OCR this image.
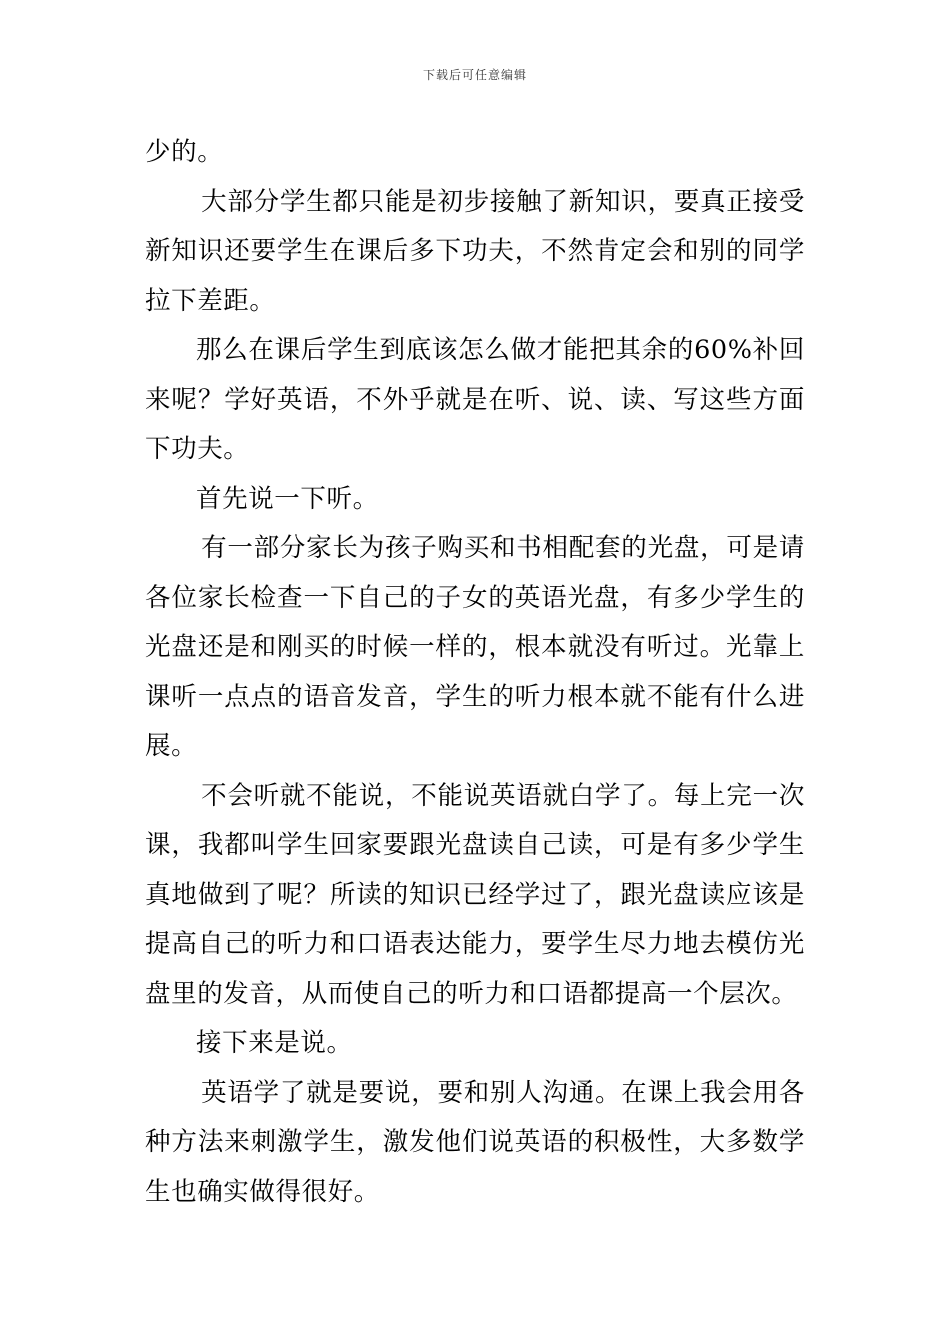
下载后可任意编辑

少的。

大部分学生都只能是初步接触了新知识，要真正接受新知识还要学生在课后多下功夫，不然肯定会和别的同学拉下差距。

那么在课后学生到底该怎么做才能把其余的60%补回来呢？学好英语，不外乎就是在听、说、读、写这些方面下功夫。

首先说一下听。

有一部分家长为孩子购买和书相配套的光盘，可是请各位家长检查一下自己的子女的英语光盘，有多少学生的光盘还是和刚买的时候一样的，根本就没有听过。光靠上课听一点点的语音发音，学生的听力根本就不能有什么进展。

不会听就不能说，不能说英语就白学了。每上完一次课，我都叫学生回家要跟光盘读自己读，可是有多少学生真地做到了呢？所读的知识已经学过了，跟光盘读应该是提高自己的听力和口语表达能力，要学生尽力地去模仿光盘里的发音，从而使自己的听力和口语都提高一个层次。

接下来是说。

英语学了就是要说，要和别人沟通。在课上我会用各种方法来刺激学生，激发他们说英语的积极性，大多数学生也确实做得很好。
